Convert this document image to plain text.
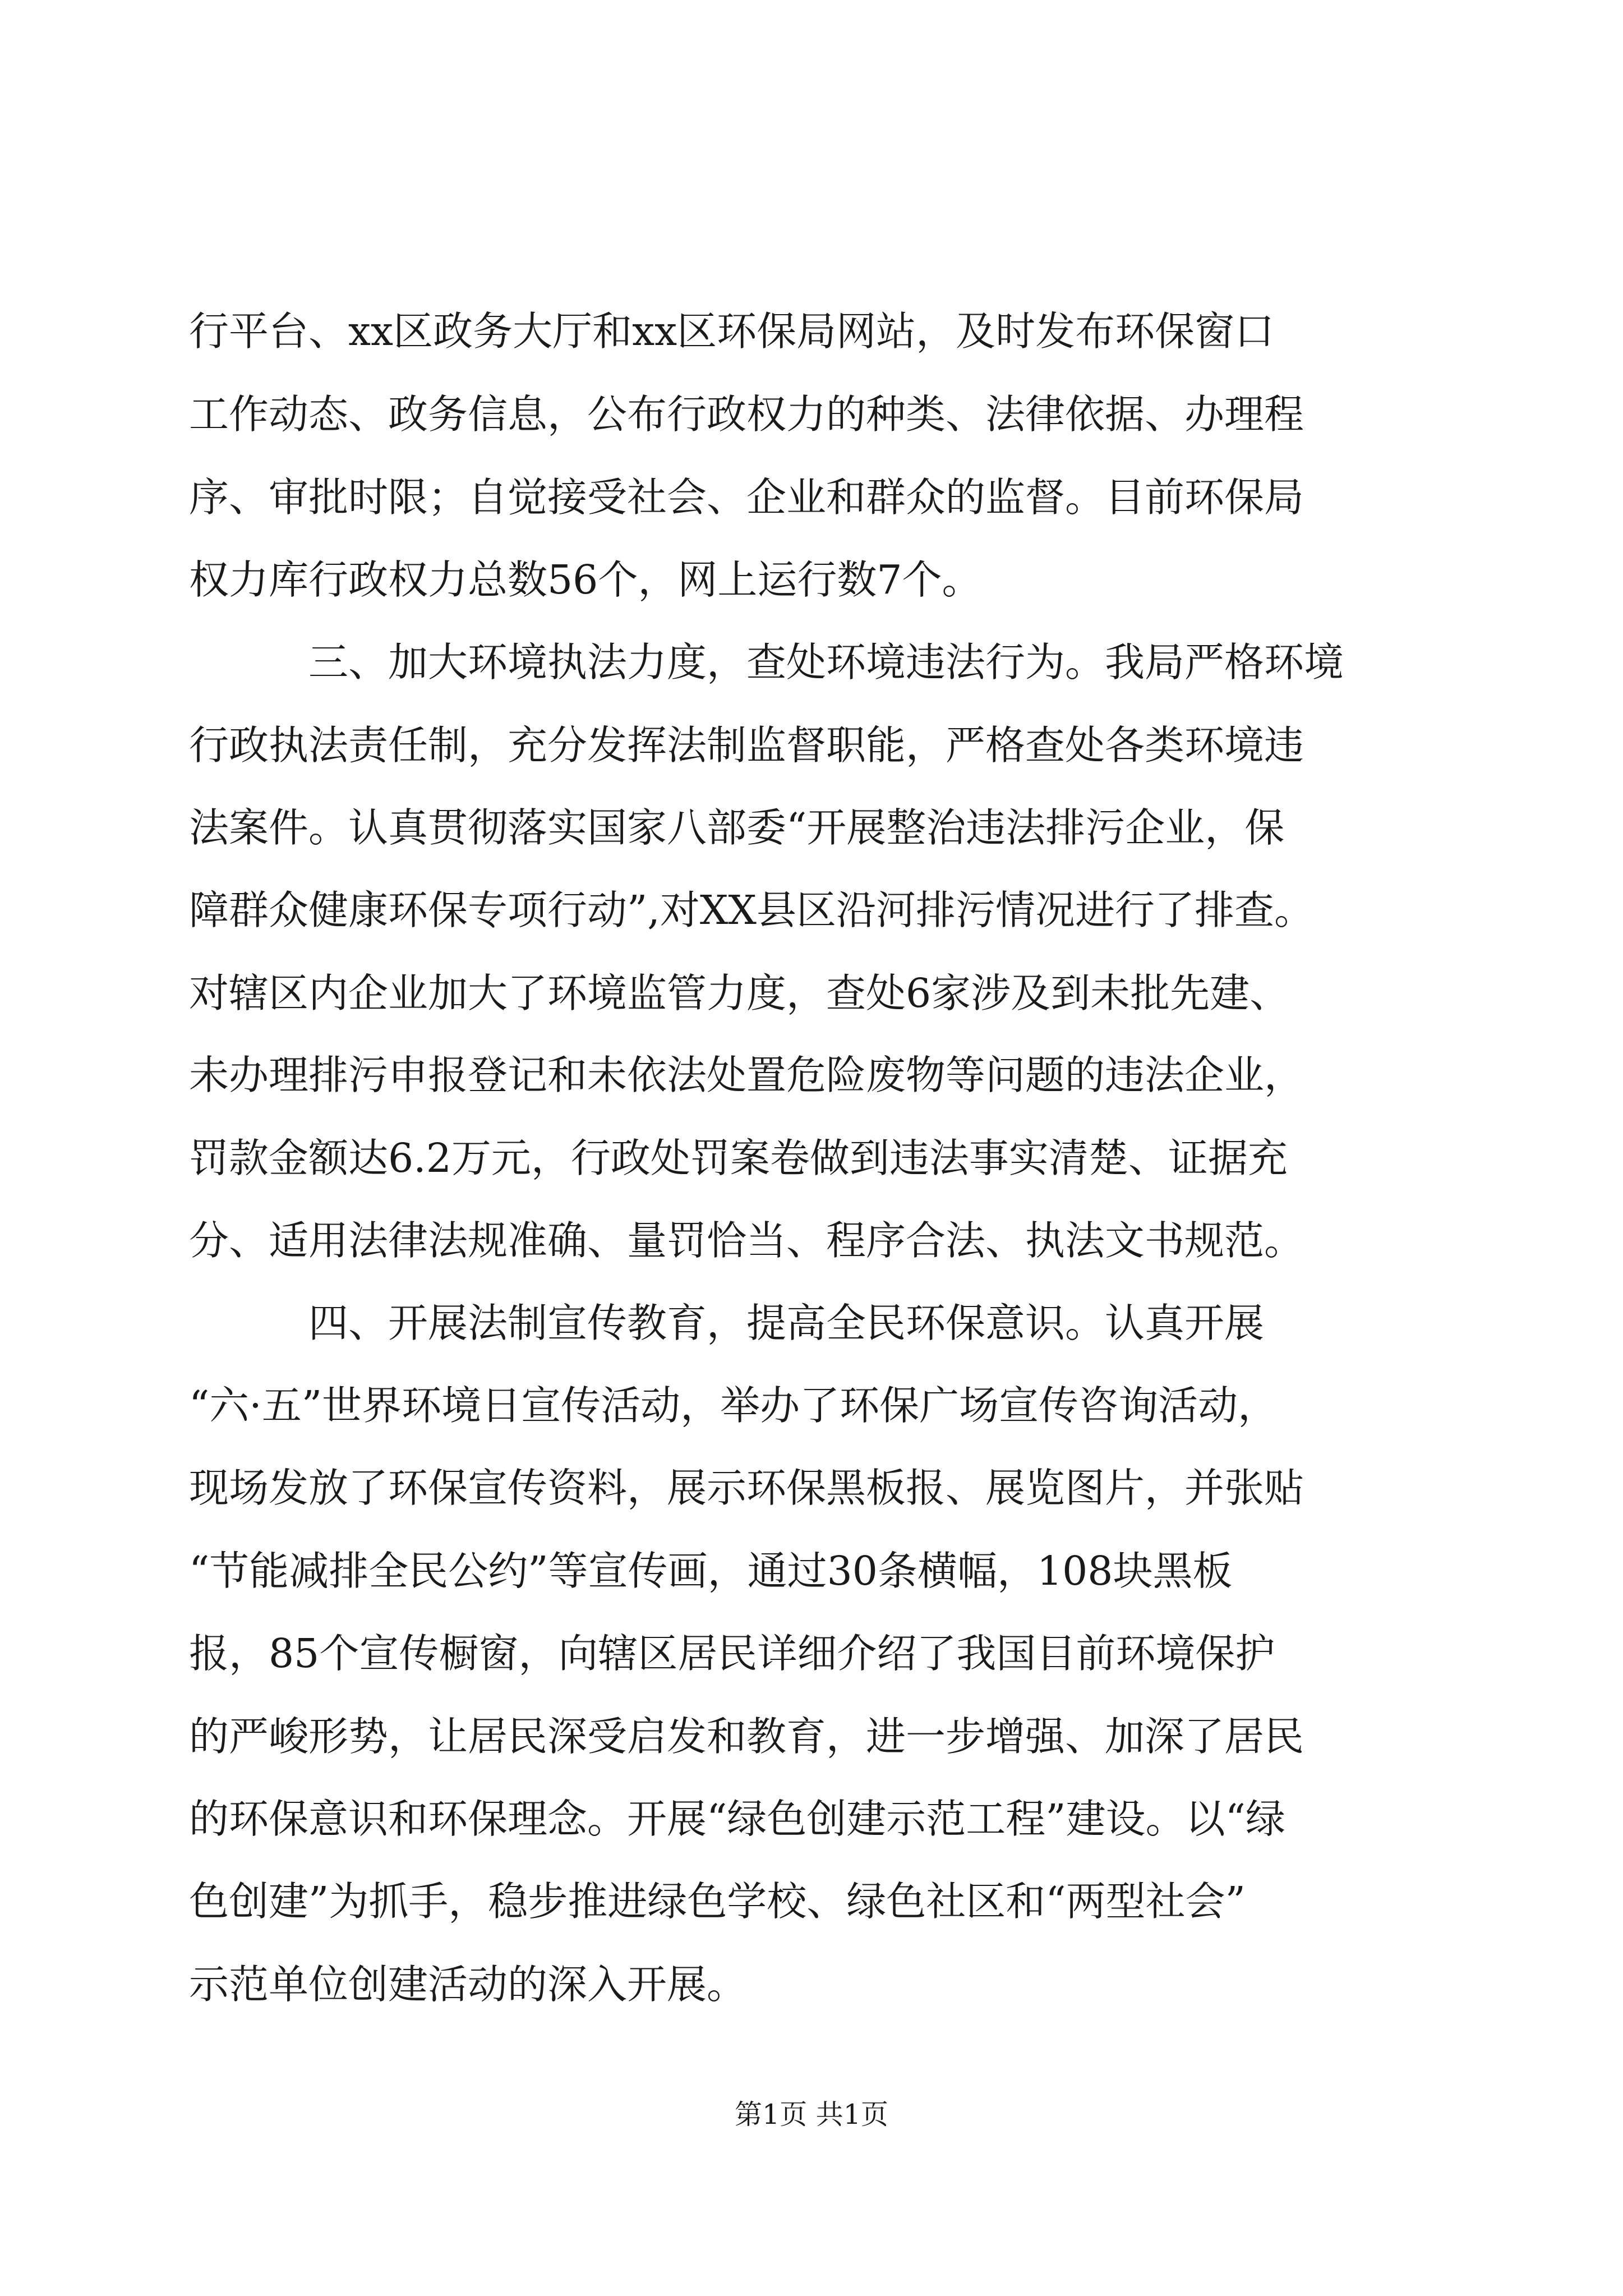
行平台、xx区政务大厅和xx区环保局网站，及时发布环保窗口
工作动态、政务信息，公布行政权力的种类、法律依据、办理程
序、审批时限；自觉接受社会、企业和群众的监督。目前环保局
权力库行政权力总数56个，网上运行数7个。
三、加大环境执法力度，查处环境违法行为。我局严格环境
行政执法责任制，充分发挥法制监督职能，严格查处各类环境违
法案件。认真贯彻落实国家八部委“开展整治违法排污企业，保
障群众健康环保专项行动”,对XX县区沿河排污情况进行了排查。
对辖区内企业加大了环境监管力度，查处6家涉及到未批先建、
未办理排污申报登记和未依法处置危险废物等问题的违法企业，
罚款金额达6.2万元，行政处罚案卷做到违法事实清楚、证据充
分、适用法律法规准确、量罚恰当、程序合法、执法文书规范。
四、开展法制宣传教育，提高全民环保意识。认真开展
“六·五”世界环境日宣传活动，举办了环保广场宣传咨询活动，
现场发放了环保宣传资料，展示环保黑板报、展览图片，并张贴
“节能减排全民公约”等宣传画，通过30条横幅，108块黑板
报，85个宣传橱窗，向辖区居民详细介绍了我国目前环境保护
的严峻形势，让居民深受启发和教育，进一步增强、加深了居民
的环保意识和环保理念。开展“绿色创建示范工程”建设。以“绿
色创建”为抓手，稳步推进绿色学校、绿色社区和“两型社会”
示范单位创建活动的深入开展。
第1页 共1页
